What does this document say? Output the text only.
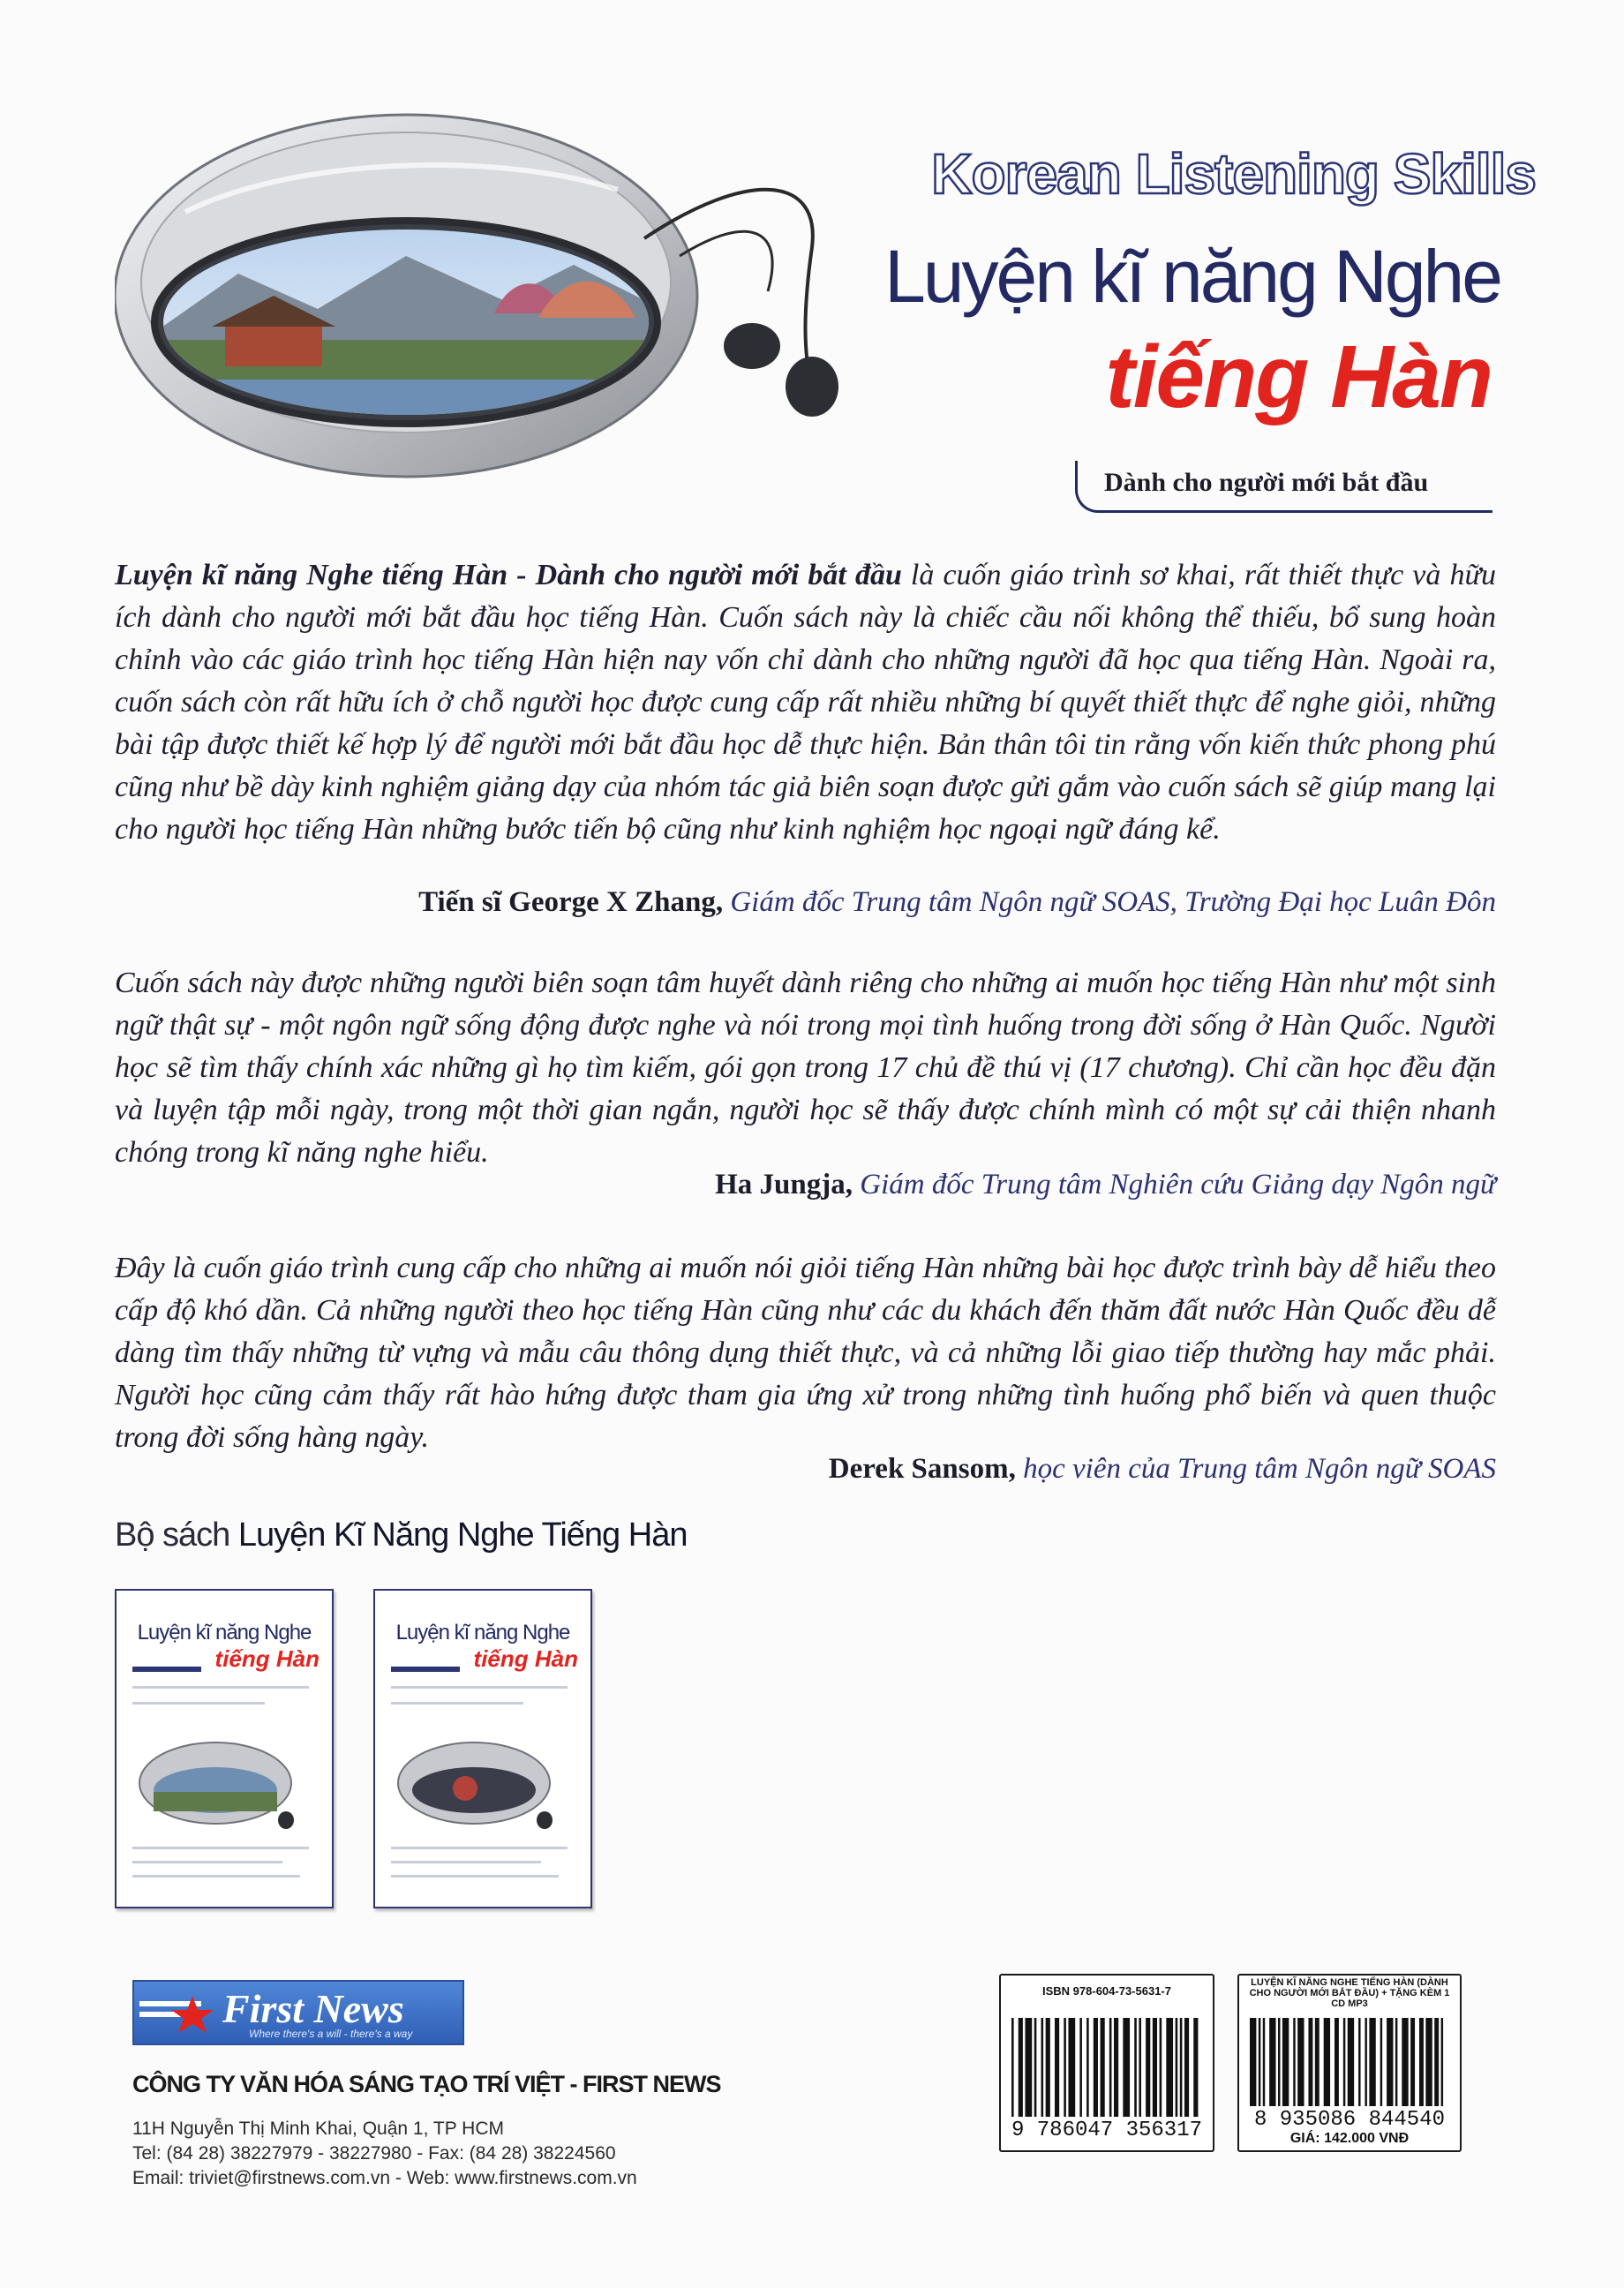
Korean Listening Skills
Luyện kĩ năng Nghe
tiếng Hàn
Dành cho người mới bắt đầu
Luyện kĩ năng Nghe tiếng Hàn - Dành cho người mới bắt đầu là cuốn giáo trình sơ khai, rất thiết thực và hữu ích dành cho người mới bắt đầu học tiếng Hàn. Cuốn sách này là chiếc cầu nối không thể thiếu, bổ sung hoàn chỉnh vào các giáo trình học tiếng Hàn hiện nay vốn chỉ dành cho những người đã học qua tiếng Hàn. Ngoài ra, cuốn sách còn rất hữu ích ở chỗ người học được cung cấp rất nhiều những bí quyết thiết thực để nghe giỏi, những bài tập được thiết kế hợp lý để người mới bắt đầu học dễ thực hiện. Bản thân tôi tin rằng vốn kiến thức phong phú cũng như bề dày kinh nghiệm giảng dạy của nhóm tác giả biên soạn được gửi gắm vào cuốn sách sẽ giúp mang lại cho người học tiếng Hàn những bước tiến bộ cũng như kinh nghiệm học ngoại ngữ đáng kể.
Tiến sĩ George X Zhang, Giám đốc Trung tâm Ngôn ngữ SOAS, Trường Đại học Luân Đôn
Cuốn sách này được những người biên soạn tâm huyết dành riêng cho những ai muốn học tiếng Hàn như một sinh ngữ thật sự - một ngôn ngữ sống động được nghe và nói trong mọi tình huống trong đời sống ở Hàn Quốc. Người học sẽ tìm thấy chính xác những gì họ tìm kiếm, gói gọn trong 17 chủ đề thú vị (17 chương). Chỉ cần học đều đặn và luyện tập mỗi ngày, trong một thời gian ngắn, người học sẽ thấy được chính mình có một sự cải thiện nhanh chóng trong kĩ năng nghe hiểu.
Ha Jungja, Giám đốc Trung tâm Nghiên cứu Giảng dạy Ngôn ngữ
Đây là cuốn giáo trình cung cấp cho những ai muốn nói giỏi tiếng Hàn những bài học được trình bày dễ hiểu theo cấp độ khó dần. Cả những người theo học tiếng Hàn cũng như các du khách đến thăm đất nước Hàn Quốc đều dễ dàng tìm thấy những từ vựng và mẫu câu thông dụng thiết thực, và cả những lỗi giao tiếp thường hay mắc phải. Người học cũng cảm thấy rất hào hứng được tham gia ứng xử trong những tình huống phổ biến và quen thuộc trong đời sống hàng ngày.
Derek Sansom, học viên của Trung tâm Ngôn ngữ SOAS
Bộ sách Luyện Kĩ Năng Nghe Tiếng Hàn
Luyện kĩ năng Nghe
tiếng Hàn
Luyện kĩ năng Nghe
tiếng Hàn
First News
Where there's a will - there's a way
CÔNG TY VĂN HÓA SÁNG TẠO TRÍ VIỆT - FIRST NEWS
11H Nguyễn Thị Minh Khai, Quận 1, TP HCM
Tel: (84 28) 38227979 - 38227980 - Fax: (84 28) 38224560
Email: triviet@firstnews.com.vn - Web: www.firstnews.com.vn
ISBN 978-604-73-5631-7
9 786047 356317
LUYỆN KĨ NĂNG NGHE TIẾNG HÀN (DÀNH CHO NGƯỜI MỚI BẮT ĐẦU) + TẶNG KÈM 1 CD MP3
8 935086 844540
GIÁ: 142.000 VNĐ
